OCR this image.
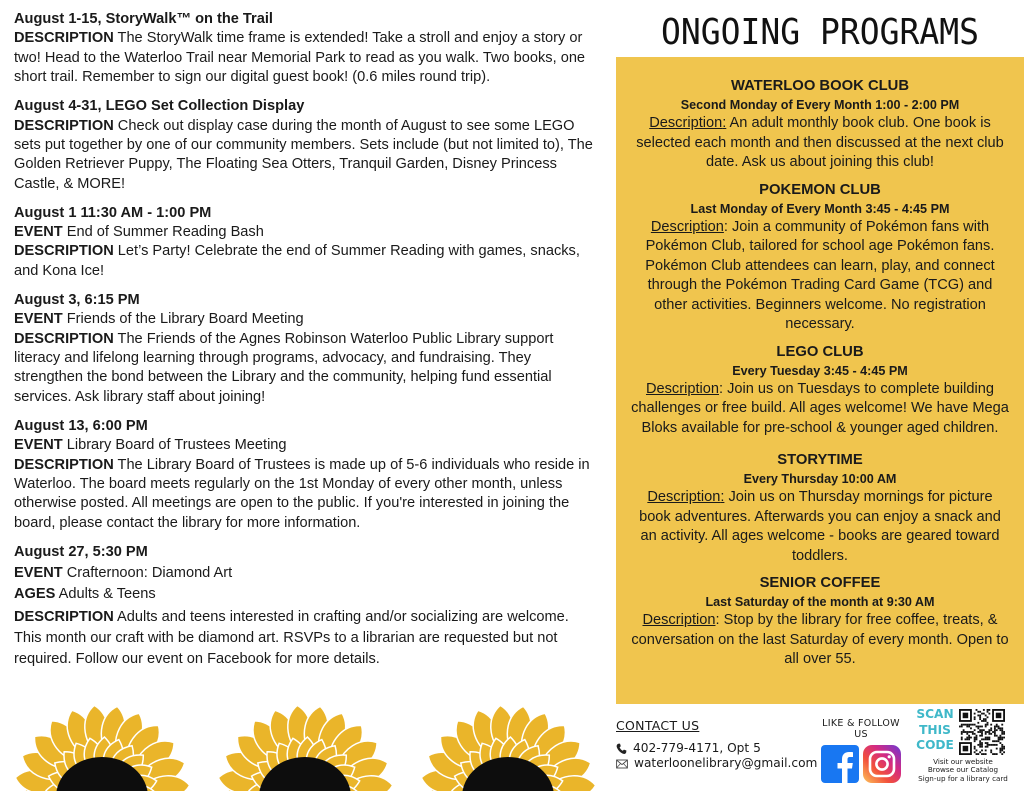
August 1-15, StoryWalk™ on the Trail

DESCRIPTION The StoryWalk time frame is extended! Take a stroll and enjoy a story or two! Head to the Waterloo Trail near Memorial Park to read as you walk. Two books, one short trail. Remember to sign our digital guest book! (0.6 miles round trip).

August 4-31, LEGO Set Collection Display

DESCRIPTION Check out display case during the month of August to see some LEGO sets put together by one of our community members. Sets include (but not limited to), The Golden Retriever Puppy, The Floating Sea Otters, Tranquil Garden, Disney Princess Castle, & MORE!

August 1 11:30 AM - 1:00 PM

EVENT End of Summer Reading Bash

DESCRIPTION Let’s Party! Celebrate the end of Summer Reading with games, snacks, and Kona Ice!

August 3, 6:15 PM

EVENT Friends of the Library Board Meeting

DESCRIPTION The Friends of the Agnes Robinson Waterloo Public Library support literacy and lifelong learning through programs, advocacy, and fundraising. They strengthen the bond between the Library and the community, helping fund essential services. Ask library staff about joining!

August 13, 6:00 PM

EVENT Library Board of Trustees Meeting

DESCRIPTION The Library Board of Trustees is made up of 5-6 individuals who reside in Waterloo. The board meets regularly on the 1st Monday of every other month, unless otherwise posted. All meetings are open to the public. If you're interested in joining the board, please contact the library for more information.

August 27, 5:30 PM

EVENT Crafternoon: Diamond Art

AGES Adults & Teens

DESCRIPTION Adults and teens interested in crafting and/or socializing are welcome. This month our craft with be diamond art. RSVPs to a librarian are requested but not required. Follow our event on Facebook for more details.

ONGOING PROGRAMS

WATERLOO BOOK CLUB

Second Monday of Every Month 1:00 - 2:00 PM

Description: An adult monthly book club. One book is selected each month and then discussed at the next club date. Ask us about joining this club!

POKEMON CLUB

Last Monday of Every Month 3:45 - 4:45 PM

Description: Join a community of Pokémon fans with Pokémon Club, tailored for school age Pokémon fans. Pokémon Club attendees can learn, play, and connect through the Pokémon Trading Card Game (TCG) and other activities. Beginners welcome. No registration necessary.

LEGO CLUB

Every Tuesday 3:45 - 4:45 PM

Description: Join us on Tuesdays to complete building challenges or free build. All ages welcome! We have Mega Bloks available for pre-school & younger aged children.

STORYTIME

Every Thursday 10:00 AM

Description: Join us on Thursday mornings for picture book adventures. Afterwards you can enjoy a snack and an activity. All ages welcome - books are geared toward toddlers.

SENIOR COFFEE

Last Saturday of the month at 9:30 AM

Description: Stop by the library for free coffee, treats, & conversation on the last Saturday of every month. Open to all over 55.

CONTACT US
402-779-4171, Opt 5
waterloonelibrary@gmail.com
LIKE & FOLLOW US

SCAN
THIS
CODE
Visit our website
Browse our Catalog
Sign-up for a library card
